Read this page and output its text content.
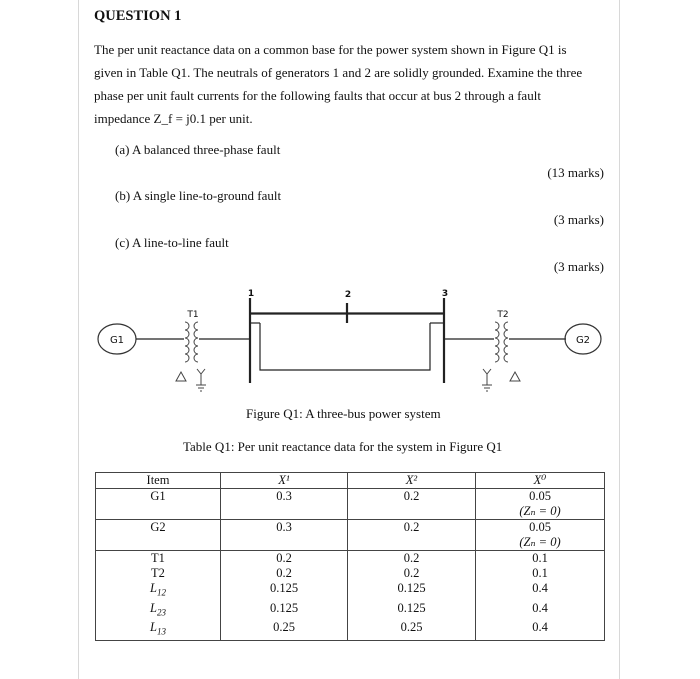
QUESTION 1
The per unit reactance data on a common base for the power system shown in Figure Q1 is
given in Table Q1. The neutrals of generators 1 and 2 are solidly grounded. Examine the three
phase per unit fault currents for the following faults that occur at bus 2 through a fault
impedance Z_f = j0.1 per unit.
(a) A balanced three-phase fault
(13 marks)
(b) A single line-to-ground fault
(3 marks)
(c) A line-to-line fault
(3 marks)
G1
T1
1	2	3
T2
G2
Figure Q1: A three-bus power system
Table Q1: Per unit reactance data for the system in Figure Q1
Item	X¹	X²	X⁰
G1	0.3	0.2	0.05
(Zₙ = 0)

G2	0.3	0.2	0.05
(Zₙ = 0)

T1	0.2	0.2	0.1
T2	0.2	0.2	0.1
$L_{12}$	0.125	0.125	0.4
$L_{23}$	0.125	0.125	0.4
$L_{13}$	0.25	0.25	0.4
